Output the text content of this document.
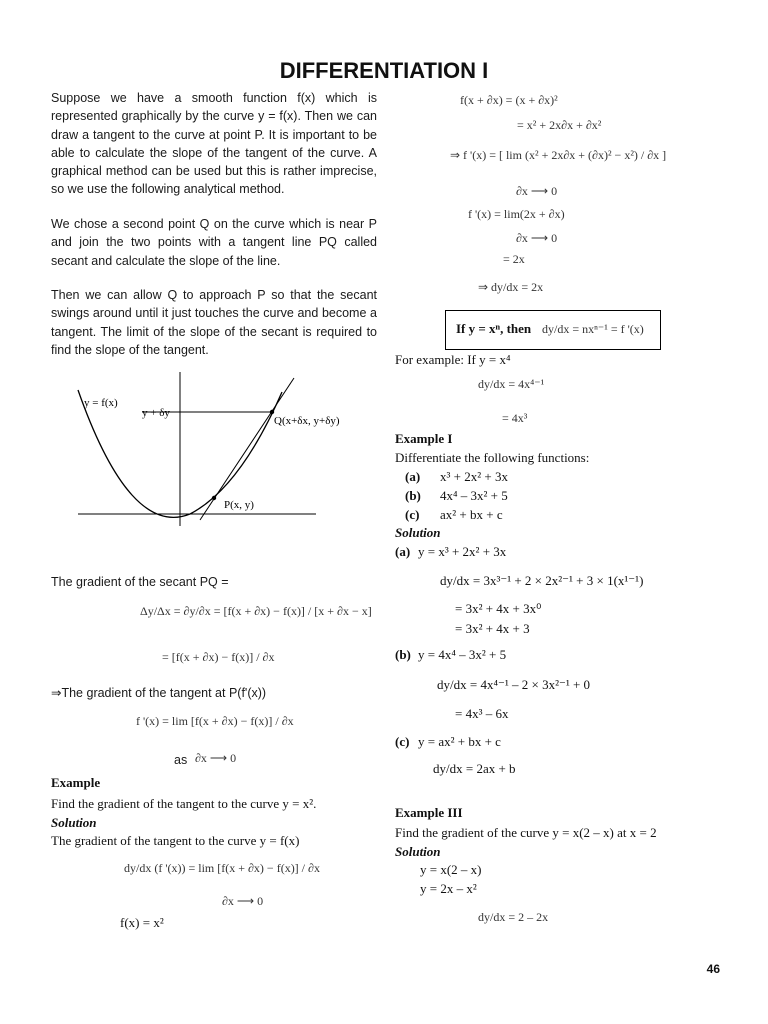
DIFFERENTIATION I
Suppose we have a smooth function f(x) which is represented graphically by the curve y = f(x). Then we can draw a tangent to the curve at point P. It is important to be able to calculate the slope of the tangent of the curve. A graphical method can be used but this is rather imprecise, so we use the following analytical method.
We chose a second point Q on the curve which is near P and join the two points with a tangent line PQ called secant and calculate the slope of the line.
Then we can allow Q to approach P so that the secant swings around until it just touches the curve and become a tangent. The limit of the slope of the secant is required to find the slope of the tangent.
y = f(x)
y + δy
Q(x+δx, y+δy)
P(x, y)
The gradient of the secant PQ =
Δy/Δx = ∂y/∂x = [f(x + ∂x) − f(x)] / [x + ∂x − x]
= [f(x + ∂x) − f(x)] / ∂x
⇒The gradient of the tangent at P(f'(x))
f '(x) = lim [f(x + ∂x) − f(x)] / ∂x
as ∂x ⟶ 0
Example
Find the gradient of the tangent to the curve y = x².
Solution
The gradient of the tangent to the curve y = f(x)
dy/dx (f '(x)) = lim [f(x + ∂x) − f(x)] / ∂x
∂x ⟶ 0
f(x) = x²
f(x + ∂x) = (x + ∂x)²
= x² + 2x∂x + ∂x²
⇒ f '(x) = [ lim (x² + 2x∂x + (∂x)² − x²) / ∂x ]
∂x ⟶ 0
f '(x) = lim(2x + ∂x)
∂x ⟶ 0
= 2x
⇒ dy/dx = 2x
If y = xⁿ, then dy/dx = nxⁿ⁻¹ = f '(x)
For example: If y = x⁴
dy/dx = 4x⁴⁻¹
= 4x³
Example I
Differentiate the following functions:
(a) x³ + 2x² + 3x
(b) 4x⁴ – 3x² + 5
(c) ax² + bx + c
Solution
(a) y = x³ + 2x² + 3x
dy/dx = 3x³⁻¹ + 2 × 2x²⁻¹ + 3 × 1(x¹⁻¹)
= 3x² + 4x + 3x⁰
= 3x² + 4x + 3
(b) y = 4x⁴ – 3x² + 5
dy/dx = 4x⁴⁻¹ – 2 × 3x²⁻¹ + 0
= 4x³ – 6x
(c) y = ax² + bx + c
dy/dx = 2ax + b
Example III
Find the gradient of the curve y = x(2 – x) at x = 2
Solution
y = x(2 – x)
y = 2x – x²
dy/dx = 2 – 2x
46
